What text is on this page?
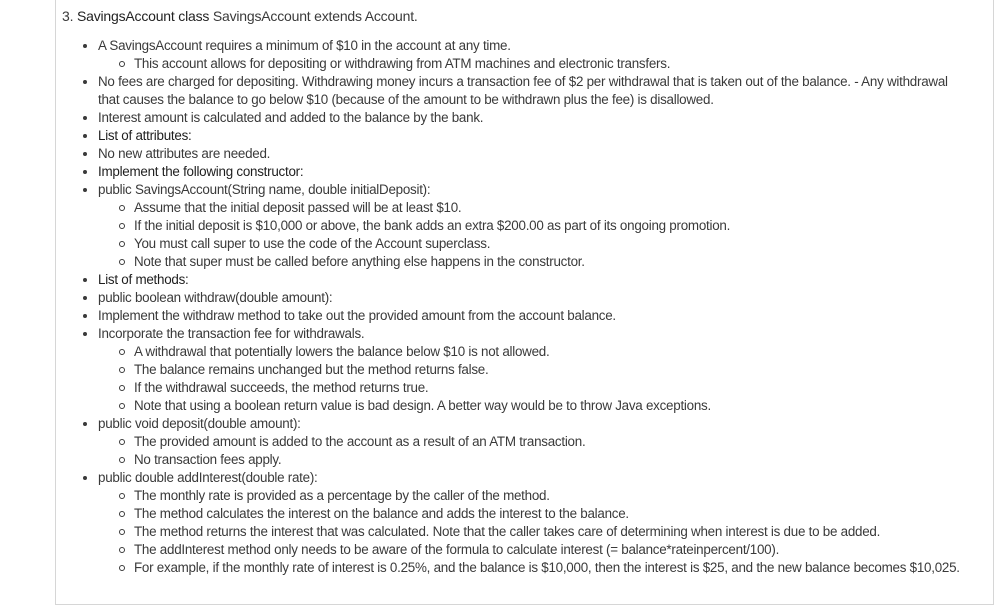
3. SavingsAccount class SavingsAccount extends Account.
A SavingsAccount requires a minimum of $10 in the account at any time.
This account allows for depositing or withdrawing from ATM machines and electronic transfers.
No fees are charged for depositing. Withdrawing money incurs a transaction fee of $2 per withdrawal that is taken out of the balance. - Any withdrawal that causes the balance to go below $10 (because of the amount to be withdrawn plus the fee) is disallowed.
Interest amount is calculated and added to the balance by the bank.
List of attributes:
No new attributes are needed.
Implement the following constructor:
public SavingsAccount(String name, double initialDeposit):
Assume that the initial deposit passed will be at least $10.
If the initial deposit is $10,000 or above, the bank adds an extra $200.00 as part of its ongoing promotion.
You must call super to use the code of the Account superclass.
Note that super must be called before anything else happens in the constructor.
List of methods:
public boolean withdraw(double amount):
Implement the withdraw method to take out the provided amount from the account balance.
Incorporate the transaction fee for withdrawals.
A withdrawal that potentially lowers the balance below $10 is not allowed.
The balance remains unchanged but the method returns false.
If the withdrawal succeeds, the method returns true.
Note that using a boolean return value is bad design. A better way would be to throw Java exceptions.
public void deposit(double amount):
The provided amount is added to the account as a result of an ATM transaction.
No transaction fees apply.
public double addInterest(double rate):
The monthly rate is provided as a percentage by the caller of the method.
The method calculates the interest on the balance and adds the interest to the balance.
The method returns the interest that was calculated. Note that the caller takes care of determining when interest is due to be added.
The addInterest method only needs to be aware of the formula to calculate interest (= balance*rateinpercent/100).
For example, if the monthly rate of interest is 0.25%, and the balance is $10,000, then the interest is $25, and the new balance becomes $10,025.
